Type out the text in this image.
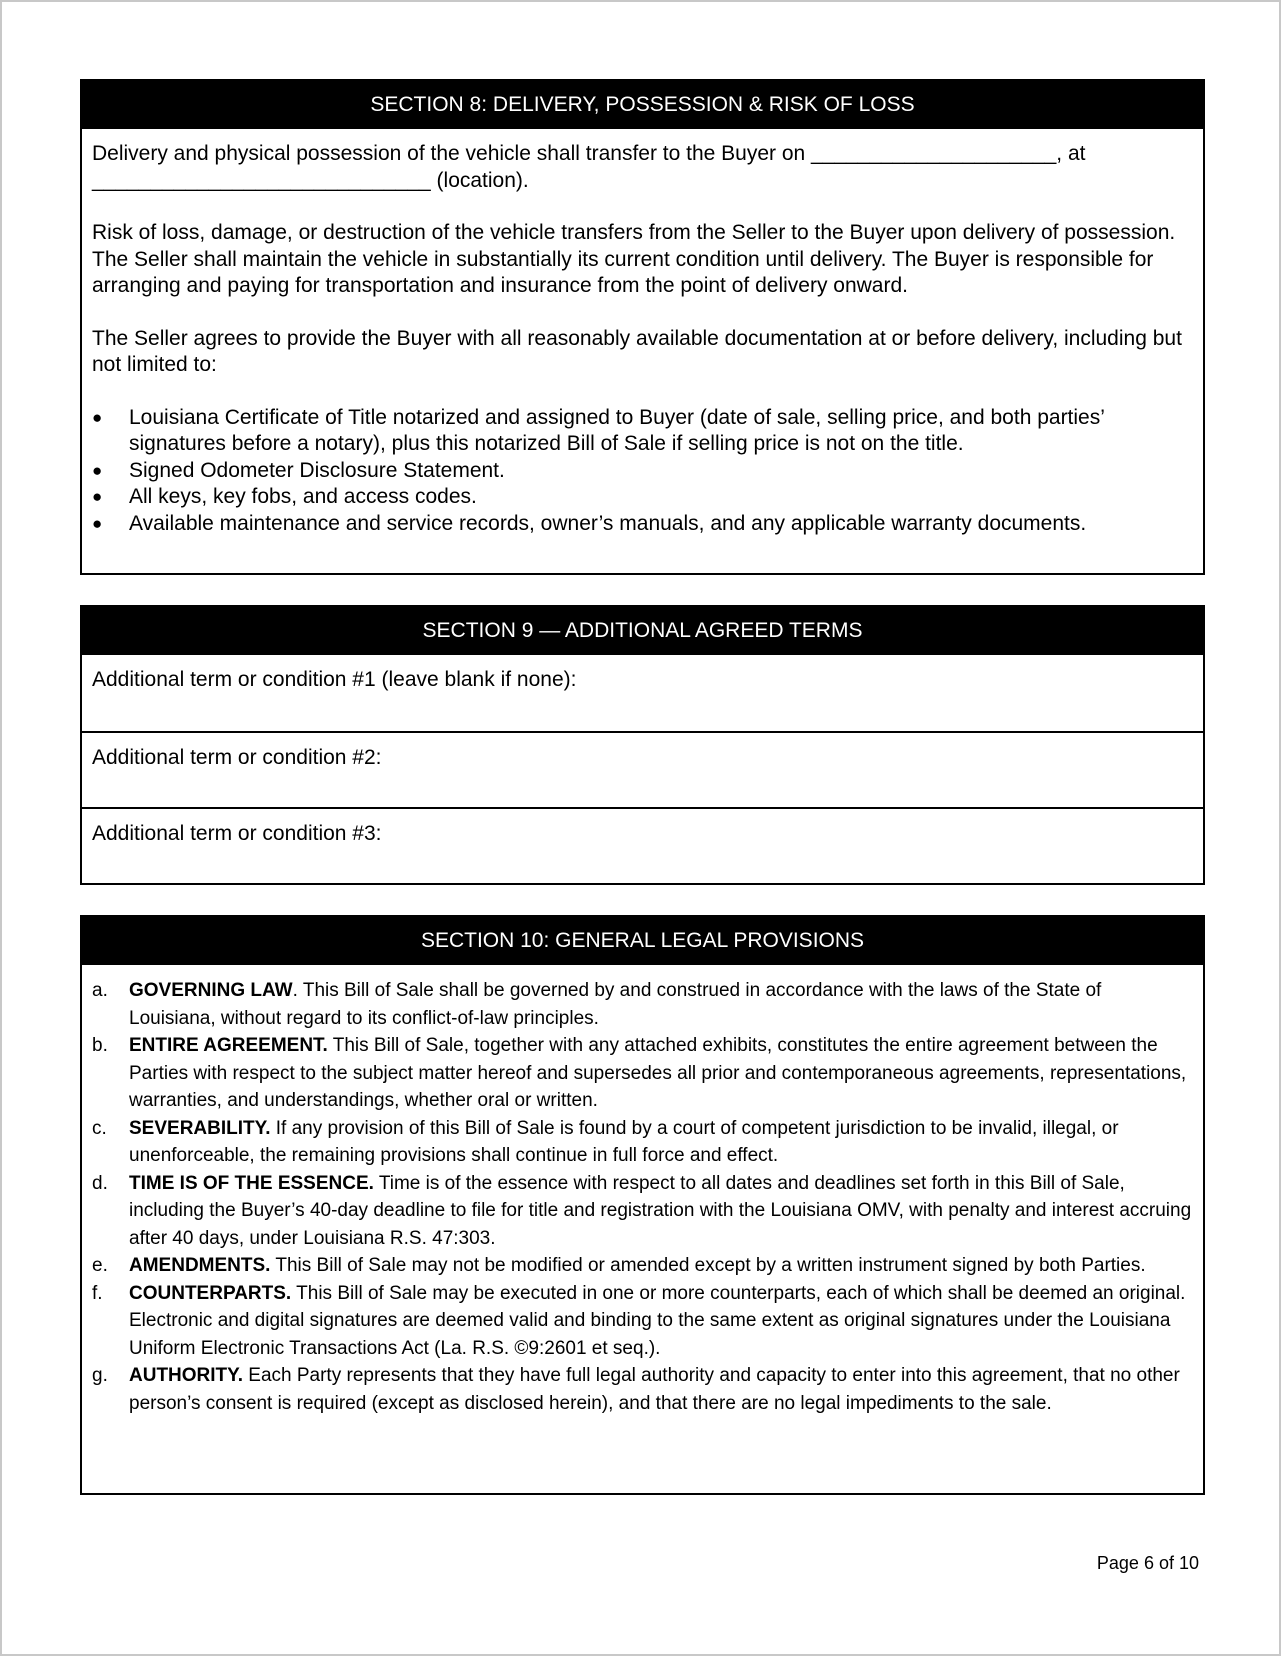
SECTION 8: DELIVERY, POSSESSION & RISK OF LOSS

Delivery and physical possession of the vehicle shall transfer to the Buyer on _____________________, at
_____________________________ (location).

Risk of loss, damage, or destruction of the vehicle transfers from the Seller to the Buyer upon delivery of possession. The Seller shall maintain the vehicle in substantially its current condition until delivery. The Buyer is responsible for arranging and paying for transportation and insurance from the point of delivery onward.

The Seller agrees to provide the Buyer with all reasonably available documentation at or before delivery, including but not limited to:

● Louisiana Certificate of Title notarized and assigned to Buyer (date of sale, selling price, and both parties’ signatures before a notary), plus this notarized Bill of Sale if selling price is not on the title.
● Signed Odometer Disclosure Statement.
● All keys, key fobs, and access codes.
● Available maintenance and service records, owner’s manuals, and any applicable warranty documents.
SECTION 9 — ADDITIONAL AGREED TERMS
Additional term or condition #1 (leave blank if none):
Additional term or condition #2:
Additional term or condition #3:
SECTION 10: GENERAL LEGAL PROVISIONS
a. GOVERNING LAW. This Bill of Sale shall be governed by and construed in accordance with the laws of the State of Louisiana, without regard to its conflict-of-law principles.
b. ENTIRE AGREEMENT. This Bill of Sale, together with any attached exhibits, constitutes the entire agreement between the Parties with respect to the subject matter hereof and supersedes all prior and contemporaneous agreements, representations, warranties, and understandings, whether oral or written.
c. SEVERABILITY. If any provision of this Bill of Sale is found by a court of competent jurisdiction to be invalid, illegal, or unenforceable, the remaining provisions shall continue in full force and effect.
d. TIME IS OF THE ESSENCE. Time is of the essence with respect to all dates and deadlines set forth in this Bill of Sale, including the Buyer’s 40-day deadline to file for title and registration with the Louisiana OMV, with penalty and interest accruing after 40 days, under Louisiana R.S. 47:303.
e. AMENDMENTS. This Bill of Sale may not be modified or amended except by a written instrument signed by both Parties.
f. COUNTERPARTS. This Bill of Sale may be executed in one or more counterparts, each of which shall be deemed an original. Electronic and digital signatures are deemed valid and binding to the same extent as original signatures under the Louisiana Uniform Electronic Transactions Act (La. R.S. ©9:2601 et seq.).
g. AUTHORITY. Each Party represents that they have full legal authority and capacity to enter into this agreement, that no other person’s consent is required (except as disclosed herein), and that there are no legal impediments to the sale.
Page 6 of 10
